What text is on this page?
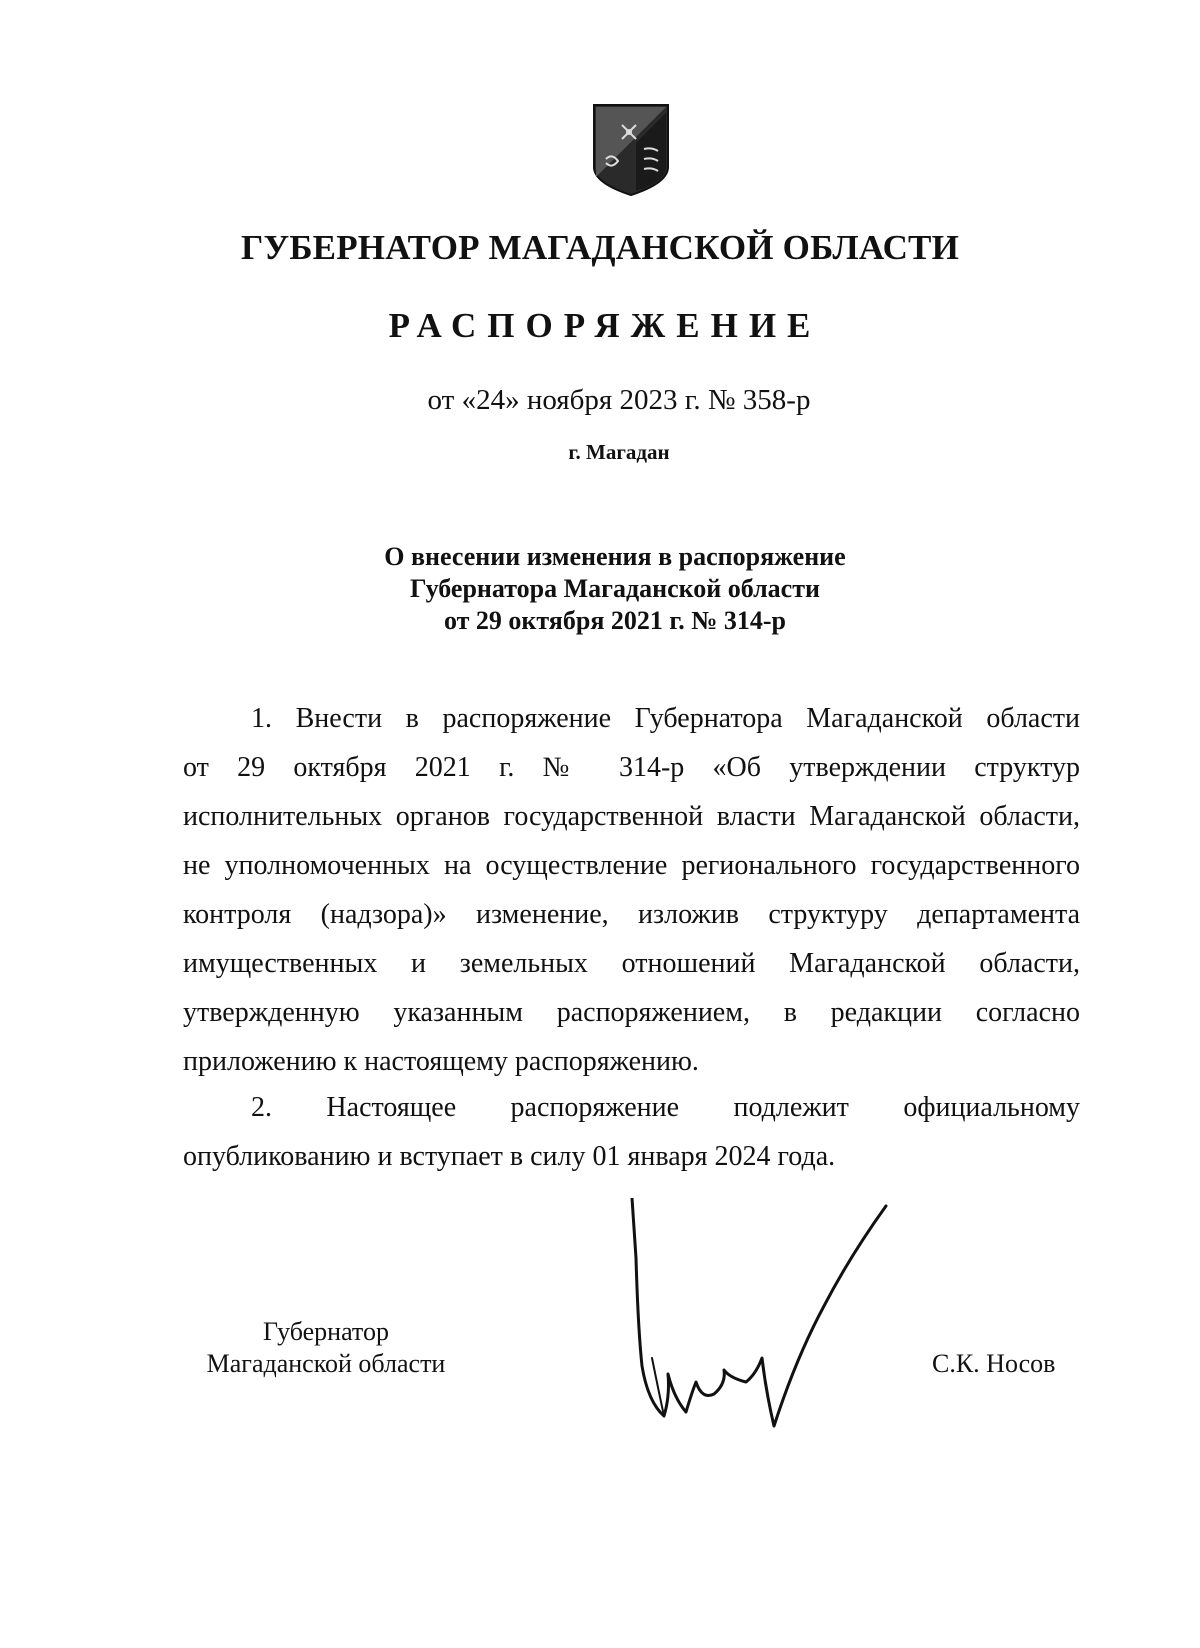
ГУБЕРНАТОР МАГАДАНСКОЙ ОБЛАСТИ
РАСПОРЯЖЕНИЕ
от «24» ноября 2023 г. № 358-р
г. Магадан
О внесении изменения в распоряжение
Губернатора Магаданской области
от 29 октября 2021 г. № 314-р
1. Внести в распоряжение Губернатора Магаданской области
от 29 октября 2021 г. № 314-р «Об утверждении структур
исполнительных органов государственной власти Магаданской области,
не уполномоченных на осуществление регионального государственного
контроля (надзора)» изменение, изложив структуру департамента
имущественных и земельных отношений Магаданской области,
утвержденную указанным распоряжением, в редакции согласно
приложению к настоящему распоряжению.
2. Настоящее распоряжение подлежит официальному
опубликованию и вступает в силу 01 января 2024 года.
Губернатор
Магаданской области	С.К. Носов
